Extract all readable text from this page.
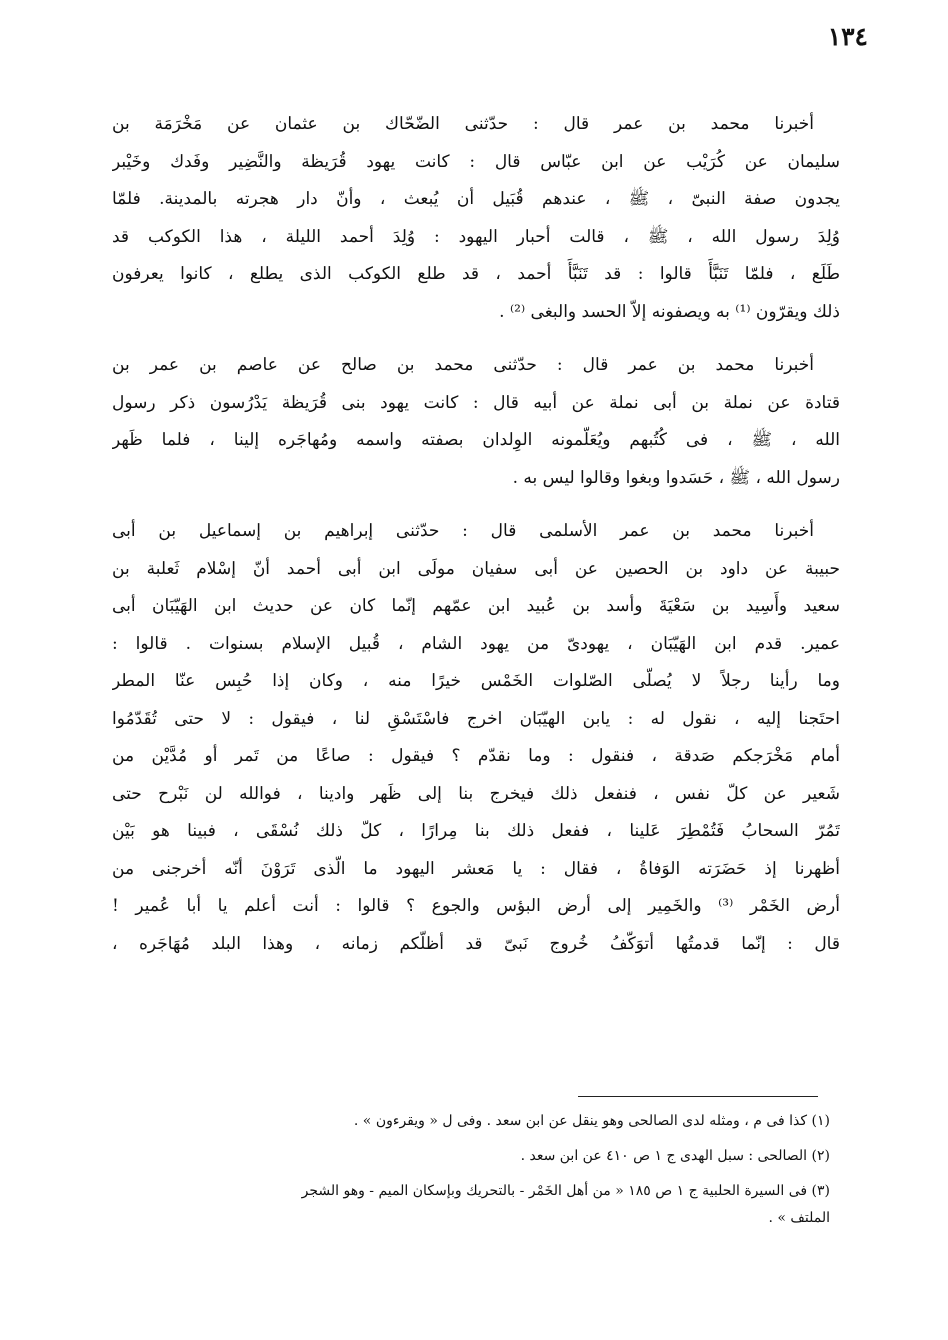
١٣٤
أخبرنا محمد بن عمر قال : حدّثنى الضّحّاك بن عثمان عن مَخْرَمَة بن
سليمان عن كُرَيْب عن ابن عبّاس قال : كانت يهود قُرَيظة والنَّضِير وفَدك وخَيْبر
يجدون صفة النبىّ ، ﷺ ، عندهم قُبَيل أن يُبعث ، وأنّ دار هجرته بالمدينة. فلمّا
وُلِدَ رسول الله ، ﷺ ، قالت أحبار اليهود : وُلِدَ أحمد الليلة ، هذا الكوكب قد
طَلَع ، فلمّا تَنَبَّأَ قالوا : قد تَنَبَّأَ أحمد ، قد طلع الكوكب الذى يطلع ، كانوا يعرفون
ذلك ويقرّون ⁽¹⁾ به ويصفونه إلاّ الحسد والبغى ⁽²⁾ .
أخبرنا محمد بن عمر قال : حدّثنى محمد بن صالح عن عاصم بن عمر بن
قتادة عن نملة بن أبى نملة عن أبيه قال : كانت يهود بنى قُرَيظة يَدْرُسون ذكر رسول
الله ، ﷺ ، فى كُتُبهم ويُعَلّمونه الوِلدان بصفته واسمه ومُهاجَره إلينا ، فلما ظَهر
رسول الله ، ﷺ ، حَسَدوا وبغوا وقالوا ليس به .
أخبرنا محمد بن عمر الأسلمى قال : حدّثنى إبراهيم بن إسماعيل بن أبى
حبيبة عن داود بن الحصين عن أبى سفيان مولَى ابن أبى أحمد أنّ إسْلام ثَعلبة بن
سعيد وأَسِيد بن سَعْيَةَ وأسد بن عُبيد ابن عمّهم إنّما كان عن حديث ابن الهَيّبَان أبى
عمير. قدم ابن الهَيّبَان ، يهودىّ من يهود الشام ، قُبيل الإسلام بسنوات . قالوا :
وما رأينا رجلاً لا يُصلّى الصّلوات الخَمْس خيرًا منه ، وكان إذا حُبِس عنّا المطر
احتَجنا إليه ، نقول له : يابن الهيّبَان اخرج فاسْتَسْقِ لنا ، فيقول : لا حتى تُقَدّمُوا
أمام مَخْرَجكم صَدقة ، فنقول : وما نقدّم ؟ فيقول : صاعًا من تَمر أو مُدَّيْن من
شَعير عن كلّ نفس ، فنفعل ذلك فيخرج بنا إلى ظَهر وادينا ، فوالله لن نَبْرح حتى
تَمُرّ السحابُ فَتُمْطِرَ عَلينا ، ففعل ذلك بنا مِرارًا ، كلّ ذلك نُسْقَى ، فبينا هو بَيْن
أظهرنا إذ حَضَرَته الوَفاةُ ، فقال : يا مَعشر اليهود ما الّذى تَرَوْنَ أنّه أخرجنى من
أرض الخَمْر ⁽³⁾ والخَمِير إلى أرض البؤس والجوع ؟ قالوا : أنت أعلم يا أبا عُمير !
قال : إنّما قدمتُها أتوَكّفُ خُروج نَبىّ قد أظلّكم زمانه ، وهذا البلد مُهَاجَره ،
(١) كذا فى م ، ومثله لدى الصالحى وهو ينقل عن ابن سعد . وفى ل « ويقرءون » .
(٢) الصالحى : سبل الهدى ج ١ ص ٤١٠ عن ابن سعد .
(٣) فى السيرة الحلبية ج ١ ص ١٨٥ « من أهل الخَمْر - بالتحريك وبإسكان الميم - وهو الشجر
الملتف » .
